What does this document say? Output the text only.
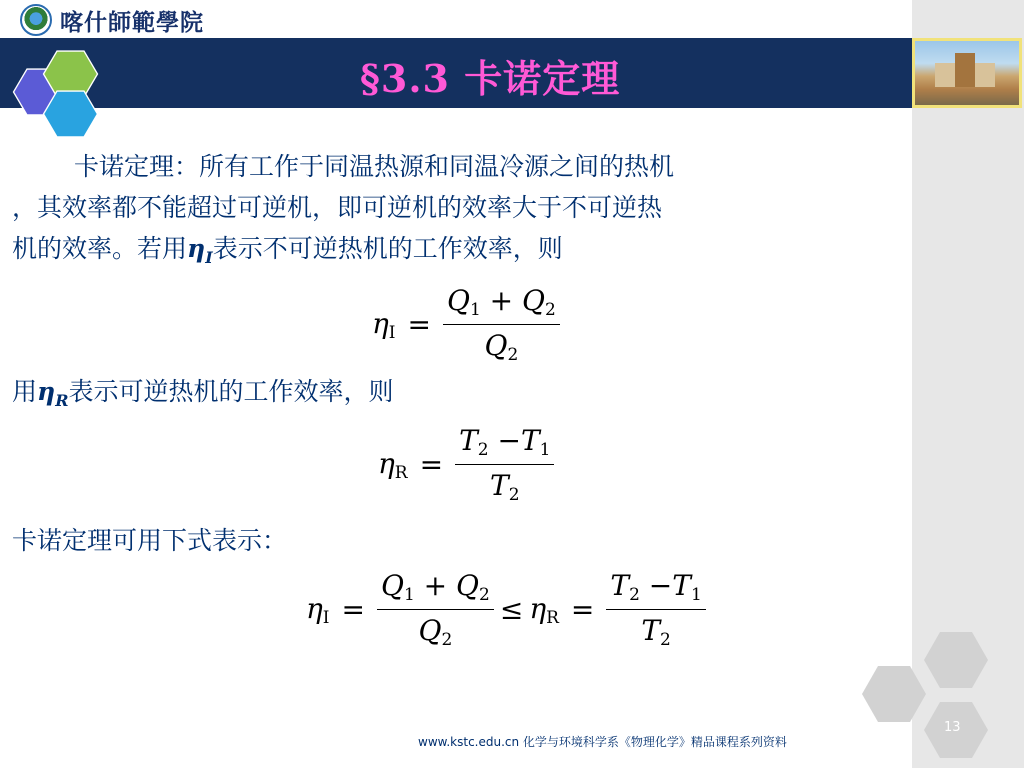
喀什師範學院
§3.3 卡诺定理
卡诺定理：所有工作于同温热源和同温冷源之间的热机
，其效率都不能超过可逆机，即可逆机的效率大于不可逆热
机的效率。若用$\eta_I$表示不可逆热机的工作效率，则
$\eta_I = \frac{Q_1 + Q_2}{Q_2}$
用$\eta_R$表示可逆热机的工作效率，则
$\eta_R = \frac{T_2 -T_1}{T_2}$
卡诺定理可用下式表示：
$\eta_I = \frac{Q_1 + Q_2}{Q_2} \le \eta_R = \frac{T_2 -T_1}{T_2}$
www.kstc.edu.cn 化学与环境科学系《物理化学》精品课程系列资料
13
